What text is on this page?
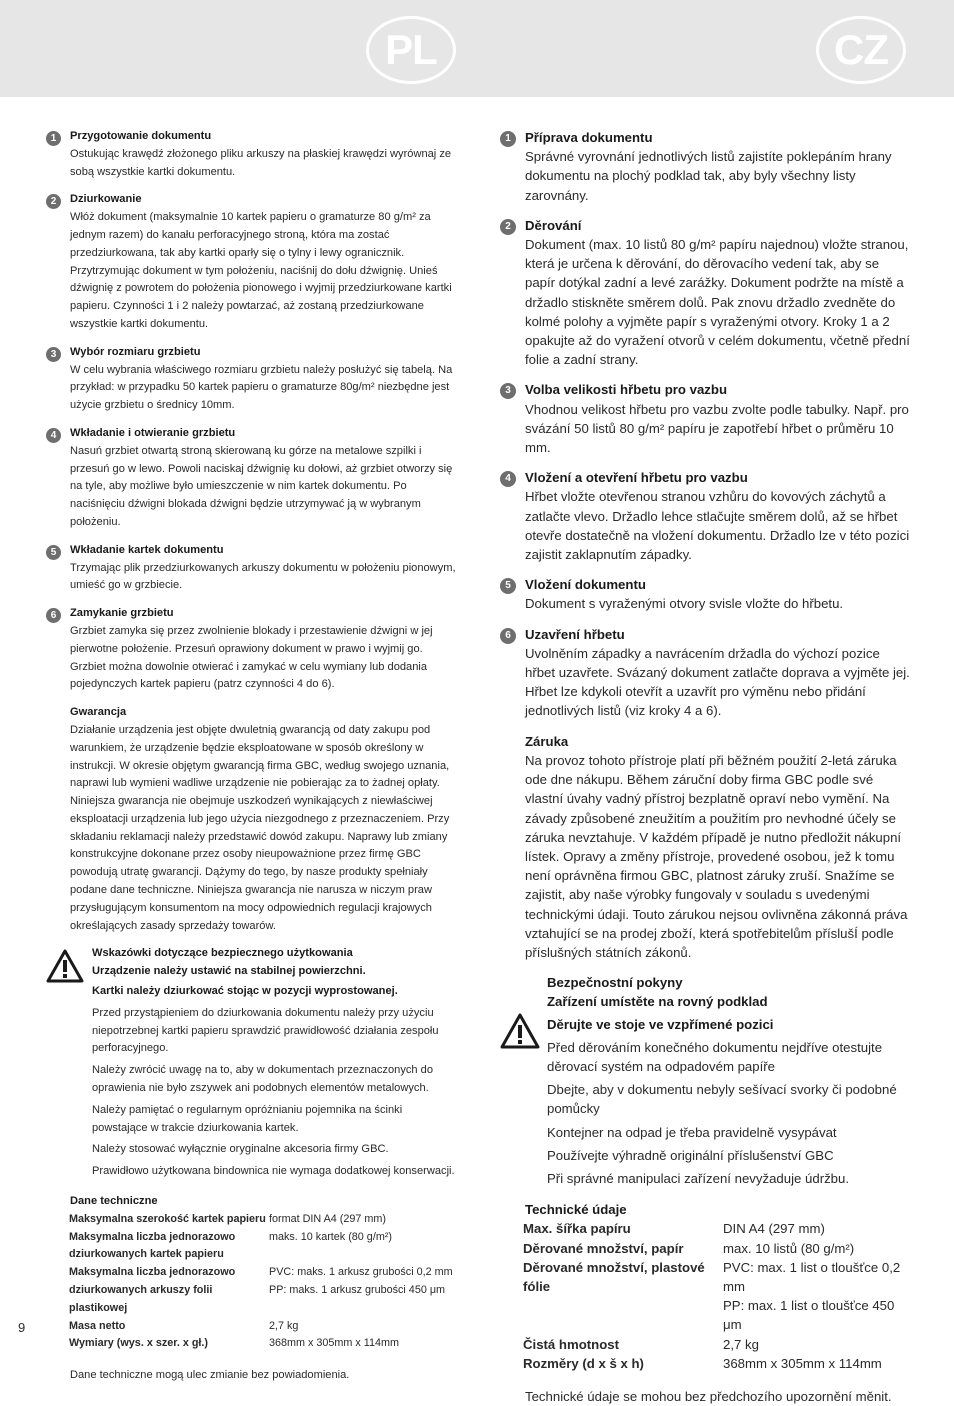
PL	CZ
1	Przygotowanie dokumentu
Ostukując krawędź złożonego pliku arkuszy na płaskiej krawędzi wyrównaj ze sobą wszystkie kartki dokumentu.
2	Dziurkowanie
Włóż dokument (maksymalnie 10 kartek papieru o gramaturze 80 g/m² za jednym razem) do kanału perforacyjnego stroną, która ma zostać przedziurkowana, tak aby kartki oparły się o tylny i lewy ogranicznik. Przytrzymując dokument w tym położeniu, naciśnij do dołu dźwignię. Unieś dźwignię z powrotem do położenia pionowego i wyjmij przedziurkowane kartki papieru. Czynności 1 i 2 należy powtarzać, aż zostaną przedziurkowane wszystkie kartki dokumentu.
3	Wybór rozmiaru grzbietu
W celu wybrania właściwego rozmiaru grzbietu należy posłużyć się tabelą. Na przykład: w przypadku 50 kartek papieru o gramaturze 80g/m² niezbędne jest użycie grzbietu o średnicy 10mm.
4	Wkładanie i otwieranie grzbietu
Nasuń grzbiet otwartą stroną skierowaną ku górze na metalowe szpilki i przesuń go w lewo. Powoli naciskaj dźwignię ku dołowi, aż grzbiet otworzy się na tyle, aby możliwe było umieszczenie w nim kartek dokumentu. Po naciśnięciu dźwigni blokada dźwigni będzie utrzymywać ją w wybranym położeniu.
5	Wkładanie kartek dokumentu
Trzymając plik przedziurkowanych arkuszy dokumentu w położeniu pionowym, umieść go w grzbiecie.
6	Zamykanie grzbietu
Grzbiet zamyka się przez zwolnienie blokady i przestawienie dźwigni w jej pierwotne położenie. Przesuń oprawiony dokument w prawo i wyjmij go. Grzbiet można dowolnie otwierać i zamykać w celu wymiany lub dodania pojedynczych kartek papieru (patrz czynności 4 do 6).
Gwarancja
Działanie urządzenia jest objęte dwuletnią gwarancją od daty zakupu pod warunkiem, że urządzenie będzie eksploatowane w sposób określony w instrukcji. W okresie objętym gwarancją firma GBC, według swojego uznania, naprawi lub wymieni wadliwe urządzenie nie pobierając za to żadnej opłaty. Niniejsza gwarancja nie obejmuje uszkodzeń wynikających z niewłaściwej eksploatacji urządzenia lub jego użycia niezgodnego z przeznaczeniem. Przy składaniu reklamacji należy przedstawić dowód zakupu. Naprawy lub zmiany konstrukcyjne dokonane przez osoby nieupoważnione przez firmę GBC powodują utratę gwarancji. Dążymy do tego, by nasze produkty spełniały podane dane techniczne. Niniejsza gwarancja nie narusza w niczym praw przysługującym konsumentom na mocy odpowiednich regulacji krajowych określających zasady sprzedaży towarów.
Wskazówki dotyczące bezpiecznego użytkowania
Urządzenie należy ustawić na stabilnej powierzchni.

Kartki należy dziurkować stojąc w pozycji wyprostowanej.

Przed przystąpieniem do dziurkowania dokumentu należy przy użyciu niepotrzebnej kartki papieru sprawdzić prawidłowość działania zespołu perforacyjnego.

Należy zwrócić uwagę na to, aby w dokumentach przeznaczonych do oprawienia nie było zszywek ani podobnych elementów metalowych.

Należy pamiętać o regularnym opróżnianiu pojemnika na ścinki powstające w trakcie dziurkowania kartek.

Należy stosować wyłącznie oryginalne akcesoria firmy GBC.

Prawidłowo użytkowana bindownica nie wymaga dodatkowej konserwacji.

Dane techniczne
Maksymalna szerokość kartek papieru	format DIN A4 (297 mm)
Maksymalna liczba jednorazowo dziurkowanych kartek papieru	maks. 10 kartek (80 g/m²)
Maksymalna liczba jednorazowo dziurkowanych arkuszy folii plastikowej	PVC: maks. 1 arkusz grubości 0,2 mm
PP: maks. 1 arkusz grubości 450 μm

Masa netto	2,7 kg
Wymiary (wys. x szer. x gł.)	368mm x 305mm x 114mm
Dane techniczne mogą ulec zmianie bez powiadomienia.
1	Příprava dokumentu
Správné vyrovnání jednotlivých listů zajistíte poklepáním hrany dokumentu na plochý podklad tak, aby byly všechny listy zarovnány.
2	Děrování
Dokument (max. 10 listů 80 g/m² papíru najednou) vložte stranou, která je určena k děrování, do děrovacího vedení tak, aby se papír dotýkal zadní a levé zarážky. Dokument podržte na místě a držadlo stiskněte směrem dolů. Pak znovu držadlo zvedněte do kolmé polohy a vyjměte papír s vyraženými otvory. Kroky 1 a 2 opakujte až do vyražení otvorů v celém dokumentu, včetně přední folie a zadní strany.
3	Volba velikosti hřbetu pro vazbu
Vhodnou velikost hřbetu pro vazbu zvolte podle tabulky. Např. pro svázání 50 listů 80 g/m² papíru je zapotřebí hřbet o průměru 10 mm.
4	Vložení a otevření hřbetu pro vazbu
Hřbet vložte otevřenou stranou vzhůru do kovových záchytů a zatlačte vlevo. Držadlo lehce stlačujte směrem dolů, až se hřbet otevře dostatečně na vložení dokumentu. Držadlo lze v této pozici zajistit zaklapnutím západky.
5	Vložení dokumentu
Dokument s vyraženými otvory svisle vložte do hřbetu.
6	Uzavření hřbetu
Uvolněním západky a navrácením držadla do výchozí pozice hřbet uzavřete. Svázaný dokument zatlačte doprava a vyjměte jej. Hřbet lze kdykoli otevřít a uzavřít pro výměnu nebo přidání jednotlivých listů (viz kroky 4 a 6).
Záruka
Na provoz tohoto přístroje platí při běžném použití 2-letá záruka ode dne nákupu. Během záruční doby firma GBC podle své vlastní úvahy vadný přístroj bezplatně opraví nebo vymění. Na závady způsobené zneužitím a použitím pro nevhodné účely se záruka nevztahuje. V každém případě je nutno předložit nákupní lístek. Opravy a změny přístroje, provedené osobou, jež k tomu není oprávněna firmou GBC, platnost záruky zruší. Snažíme se zajistit, aby naše výrobky fungovaly v souladu s uvedenými technickými údaji. Touto zárukou nejsou ovlivněna zákonná práva vztahující se na prodej zboží, která spotřebitelům příslušÍ podle příslušných státních zákonů.
Bezpečnostní pokyny
Zařízení umístěte na rovný podklad

Děrujte ve stoje ve vzpřímené pozici

Před děrováním konečného dokumentu nejdříve otestujte děrovací systém na odpadovém papíře

Dbejte, aby v dokumentu nebyly sešívací svorky či podobné pomůcky

Kontejner na odpad je třeba pravidelně vysypávat

Používejte výhradně originální příslušenství GBC

Při správné manipulaci zařízení nevyžaduje údržbu.

Technické údaje
Max. šířka papíru	DIN A4 (297 mm)
Děrované množství, papír	max. 10 listů (80 g/m²)
Děrované množství, plastové fólie	PVC: max. 1 list o tloušťce 0,2 mm
PP: max. 1 list o tloušťce 450 μm

Čistá hmotnost	2,7 kg
Rozměry (d x š x h)	368mm x 305mm x 114mm
Technické údaje se mohou bez předchozího upozornění měnit.
9
